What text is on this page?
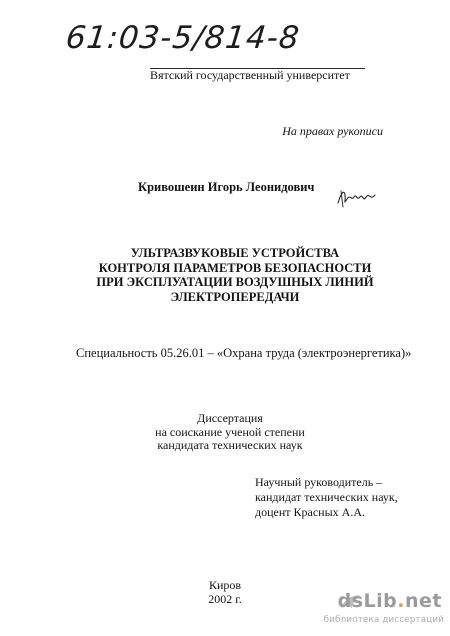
61:03-5/814-8
Вятский государственный университет
На правах рукописи
Кривошеин Игорь Леонидович
УЛЬТРАЗВУКОВЫЕ УСТРОЙСТВА
КОНТРОЛЯ ПАРАМЕТРОВ БЕЗОПАСНОСТИ
ПРИ ЭКСПЛУАТАЦИИ ВОЗДУШНЫХ ЛИНИЙ
ЭЛЕКТРОПЕРЕДАЧИ
Специальность 05.26.01 – «Охрана труда (электроэнергетика)»
Диссертация
на соискание ученой степени
кандидата технических наук
Научный руководитель –
кандидат технических наук,
доцент Красных А.А.
Киров
2002 г.	dsLib.net
библиотека диссертаций
